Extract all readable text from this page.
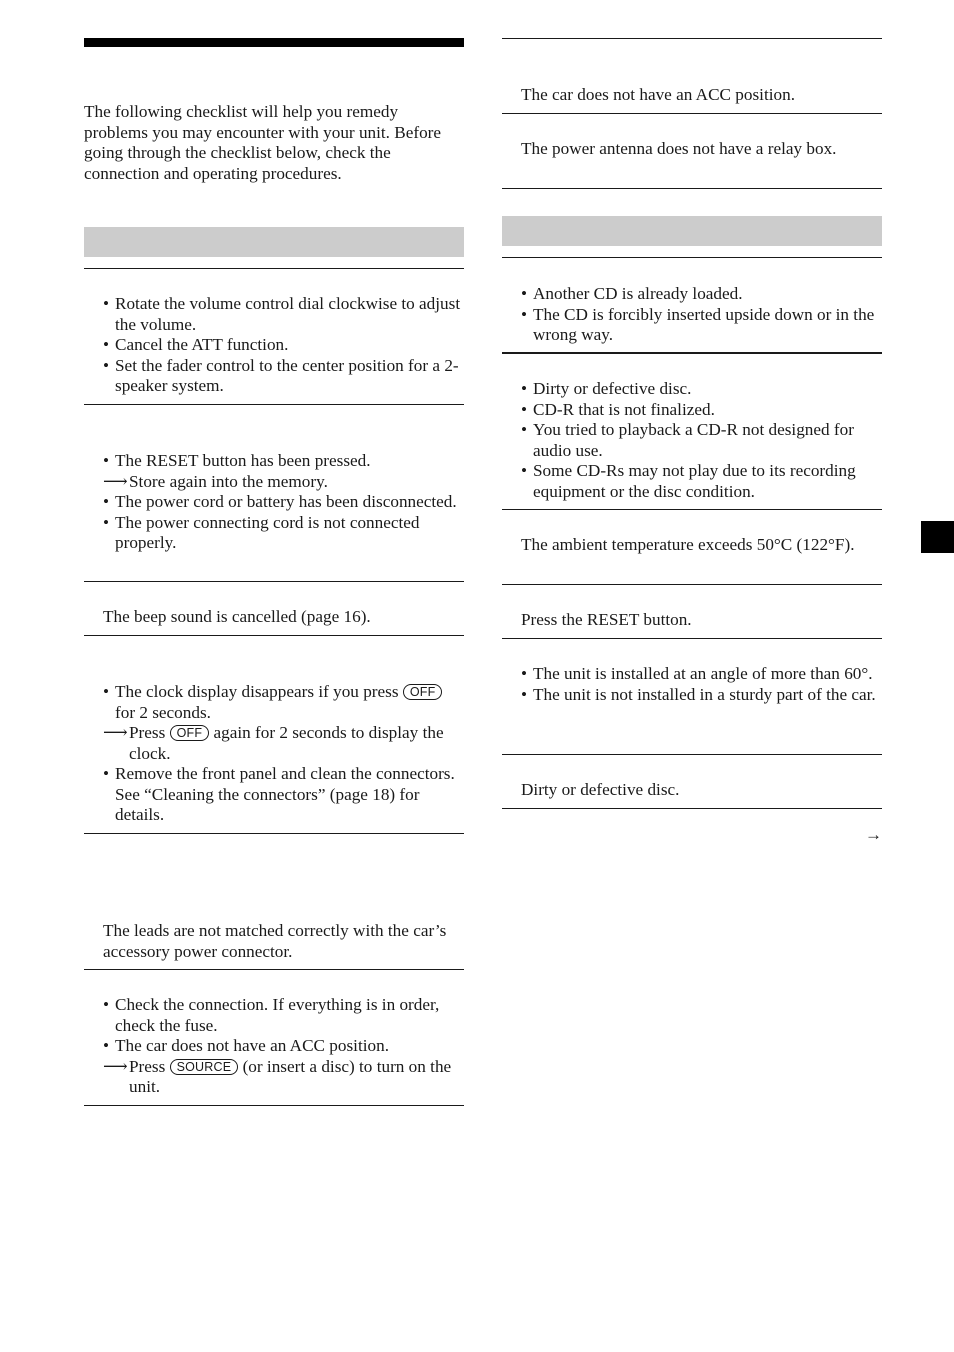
The following checklist will help you remedy problems you may encounter with your unit. Before going through the checklist below, check the connection and operating procedures.

• Rotate the volume control dial clockwise to adjust the volume.
• Cancel the ATT function.
• Set the fader control to the center position for a 2-speaker system.
• The RESET button has been pressed.
⟶ Store again into the memory.
• The power cord or battery has been disconnected.
• The power connecting cord is not connected properly.

The beep sound is cancelled (page 16).

• The clock display disappears if you press OFF for 2 seconds.
⟶ Press OFF again for 2 seconds to display the clock.
• Remove the front panel and clean the connectors. See “Cleaning the connectors” (page 18) for details.

The leads are not matched correctly with the car’s accessory power connector.

• Check the connection. If everything is in order, check the fuse.
• The car does not have an ACC position.
⟶ Press SOURCE (or insert a disc) to turn on the unit.

The car does not have an ACC position.

The power antenna does not have a relay box.

• Another CD is already loaded.
• The CD is forcibly inserted upside down or in the wrong way.
• Dirty or defective disc.
• CD-R that is not finalized.
• You tried to playback a CD-R not designed for audio use.
• Some CD-Rs may not play due to its recording equipment or the disc condition.

The ambient temperature exceeds 50°C (122°F).

Press the RESET button.

• The unit is installed at an angle of more than 60°.
• The unit is not installed in a sturdy part of the car.

Dirty or defective disc.

→
